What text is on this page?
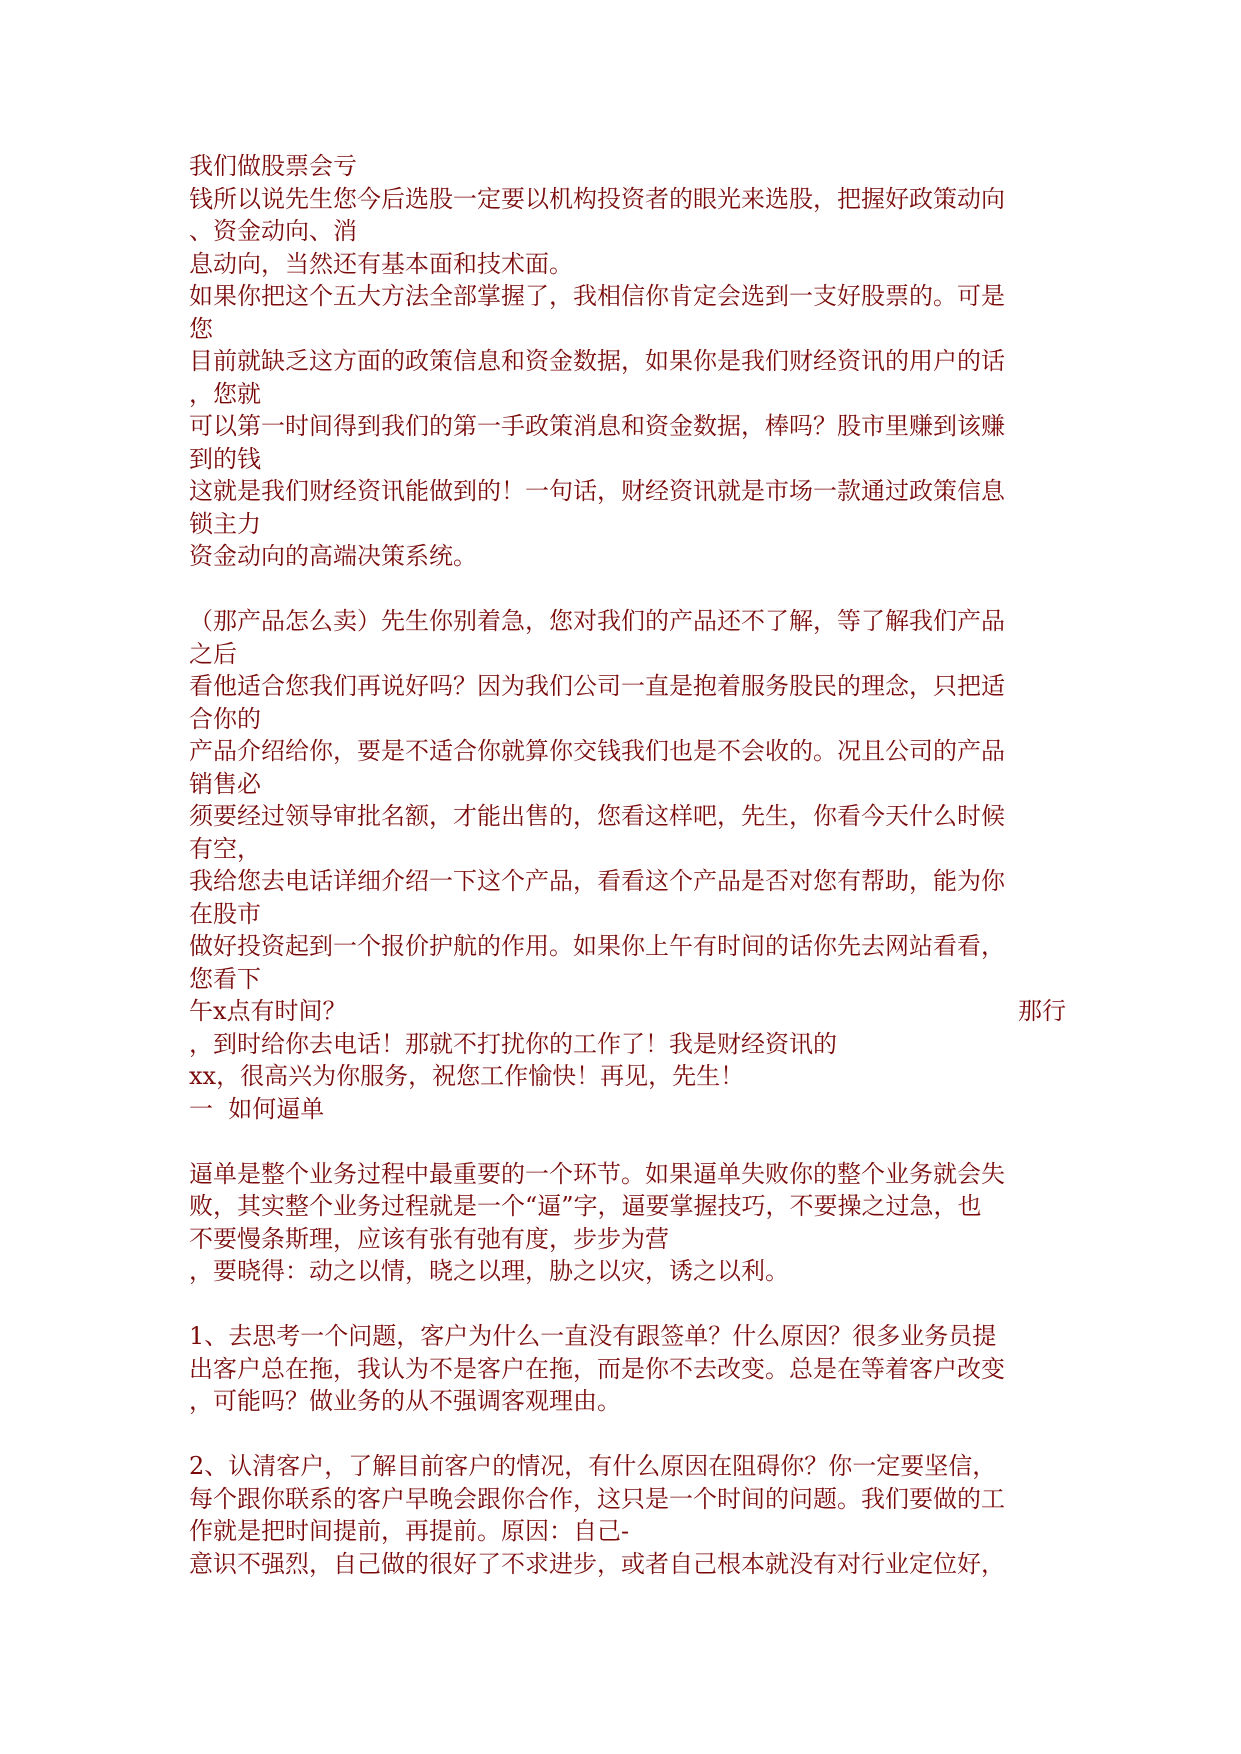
我们做股票会亏
钱所以说先生您今后选股一定要以机构投资者的眼光来选股，把握好政策动向
、资金动向、消
息动向，当然还有基本面和技术面。
如果你把这个五大方法全部掌握了，我相信你肯定会选到一支好股票的。可是
您
目前就缺乏这方面的政策信息和资金数据，如果你是我们财经资讯的用户的话
，您就
可以第一时间得到我们的第一手政策消息和资金数据，棒吗？股市里赚到该赚
到的钱
这就是我们财经资讯能做到的！一句话，财经资讯就是市场一款通过政策信息
锁主力
资金动向的高端决策系统。
（那产品怎么卖）先生你别着急，您对我们的产品还不了解，等了解我们产品
之后
看他适合您我们再说好吗？因为我们公司一直是抱着服务股民的理念，只把适
合你的
产品介绍给你，要是不适合你就算你交钱我们也是不会收的。况且公司的产品
销售必
须要经过领导审批名额，才能出售的，您看这样吧，先生，你看今天什么时候
有空，
我给您去电话详细介绍一下这个产品，看看这个产品是否对您有帮助，能为你
在股市
做好投资起到一个报价护航的作用。如果你上午有时间的话你先去网站看看，
您看下
午x点有时间？	那行
，到时给你去电话！那就不打扰你的工作了！我是财经资讯的
xx，很高兴为你服务，祝您工作愉快！再见，先生！
一  如何逼单
逼单是整个业务过程中最重要的一个环节。如果逼单失败你的整个业务就会失
败，其实整个业务过程就是一个“逼”字，逼要掌握技巧，不要操之过急，也
不要慢条斯理，应该有张有弛有度，步步为营
，要晓得：动之以情，晓之以理，胁之以灾，诱之以利。
1、去思考一个问题，客户为什么一直没有跟签单？什么原因？很多业务员提
出客户总在拖，我认为不是客户在拖，而是你不去改变。总是在等着客户改变
，可能吗？做业务的从不强调客观理由。
2、认清客户，了解目前客户的情况，有什么原因在阻碍你？你一定要坚信，
每个跟你联系的客户早晚会跟你合作，这只是一个时间的问题。我们要做的工
作就是把时间提前，再提前。原因：自己-
意识不强烈，自己做的很好了不求进步，或者自己根本就没有对行业定位好，
